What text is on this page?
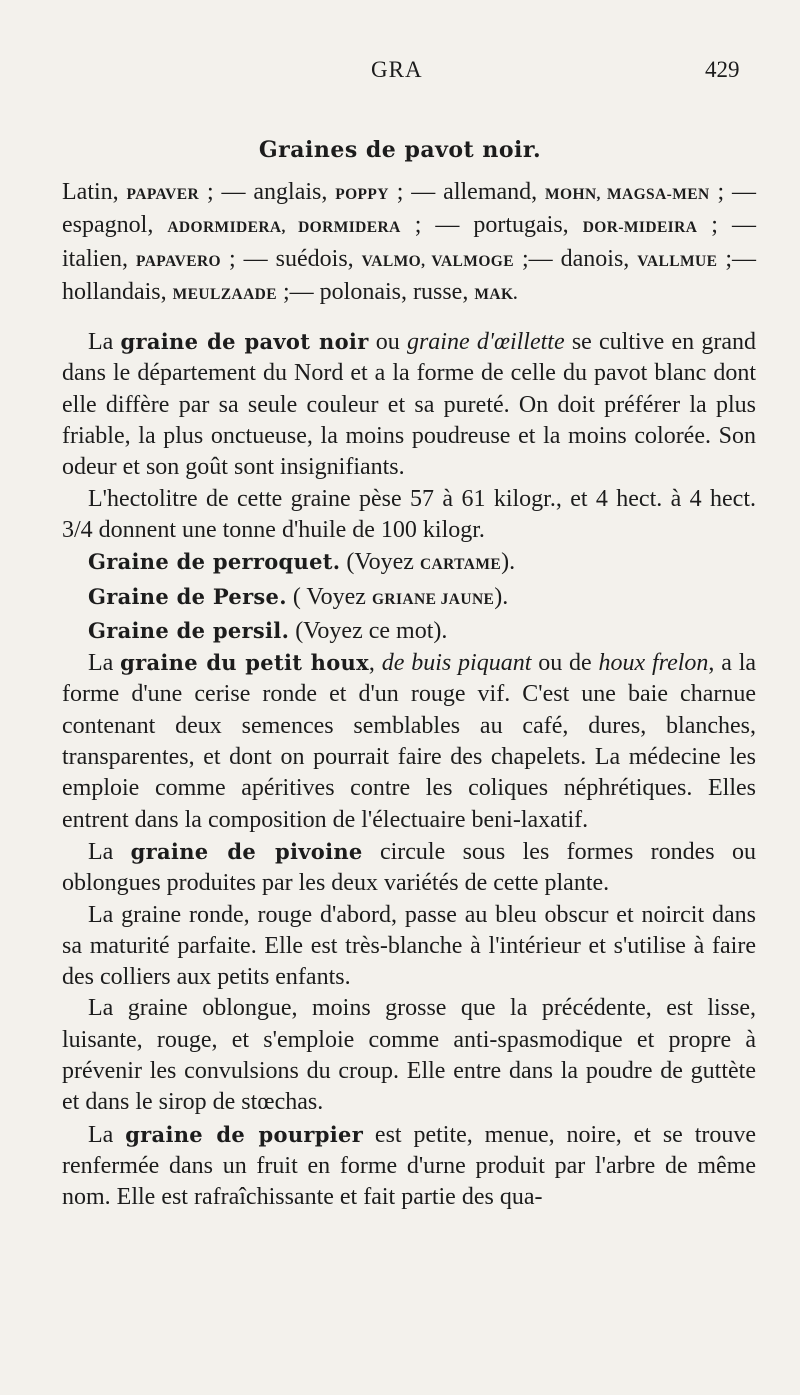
GRA	429
Graines de pavot noir.

Latin, PAPAVER ; — anglais, POPPY ; — allemand, MOHN, MAGSA-MEN ; — espagnol, ADORMIDERA, DORMIDERA ; — portugais, DOR-MIDEIRA ; — italien, PAPAVERO ; — suédois, VALMO, VALMOGE ;— danois, VALLMUE ;— hollandais, MEULZAADE ;— polonais, russe, MAK.

La graine de pavot noir ou graine d'œillette se cultive en grand dans le département du Nord et a la forme de celle du pavot blanc dont elle diffère par sa seule couleur et sa pureté. On doit préférer la plus friable, la plus onctueuse, la moins poudreuse et la moins colorée. Son odeur et son goût sont insignifiants.

L'hectolitre de cette graine pèse 57 à 61 kilogr., et 4 hect. à 4 hect. 3/4 donnent une tonne d'huile de 100 kilogr.

Graine de perroquet. (Voyez CARTAME).

Graine de Perse. ( Voyez GRIANE JAUNE).

Graine de persil. (Voyez ce mot).

La graine du petit houx, de buis piquant ou de houx frelon, a la forme d'une cerise ronde et d'un rouge vif. C'est une baie charnue contenant deux semences semblables au café, dures, blanches, transparentes, et dont on pourrait faire des chapelets. La médecine les emploie comme apéritives contre les coliques néphrétiques. Elles entrent dans la composition de l'électuaire beni-laxatif.

La graine de pivoine circule sous les formes rondes ou oblongues produites par les deux variétés de cette plante.

La graine ronde, rouge d'abord, passe au bleu obscur et noircit dans sa maturité parfaite. Elle est très-blanche à l'intérieur et s'utilise à faire des colliers aux petits enfants.

La graine oblongue, moins grosse que la précédente, est lisse, luisante, rouge, et s'emploie comme anti-spasmodique et propre à prévenir les convulsions du croup. Elle entre dans la poudre de guttète et dans le sirop de stœchas.

La graine de pourpier est petite, menue, noire, et se trouve renfermée dans un fruit en forme d'urne produit par l'arbre de même nom. Elle est rafraîchissante et fait partie des qua-
